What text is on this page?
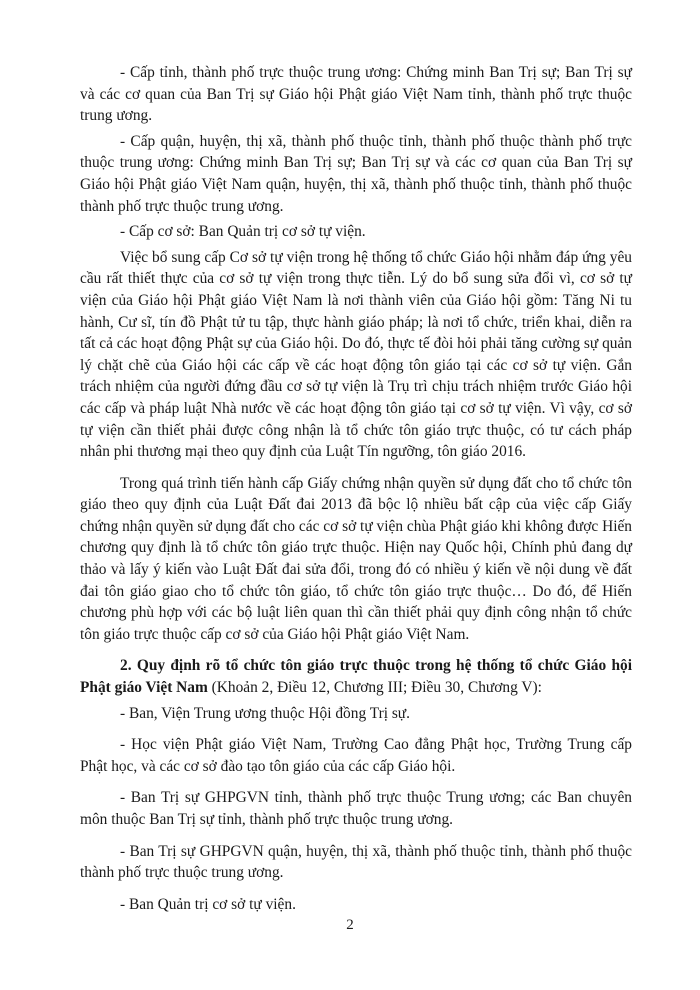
- Cấp tỉnh, thành phố trực thuộc trung ương: Chứng minh Ban Trị sự; Ban Trị sự và các cơ quan của Ban Trị sự Giáo hội Phật giáo Việt Nam tỉnh, thành phố trực thuộc trung ương.

- Cấp quận, huyện, thị xã, thành phố thuộc tỉnh, thành phố thuộc thành phố trực thuộc trung ương: Chứng minh Ban Trị sự; Ban Trị sự và các cơ quan của Ban Trị sự Giáo hội Phật giáo Việt Nam quận, huyện, thị xã, thành phố thuộc tỉnh, thành phố thuộc thành phố trực thuộc trung ương.

- Cấp cơ sở: Ban Quản trị cơ sở tự viện.

Việc bổ sung cấp Cơ sở tự viện trong hệ thống tổ chức Giáo hội nhằm đáp ứng yêu cầu rất thiết thực của cơ sở tự viện trong thực tiễn. Lý do bổ sung sửa đổi vì, cơ sở tự viện của Giáo hội Phật giáo Việt Nam là nơi thành viên của Giáo hội gồm: Tăng Ni tu hành, Cư sĩ, tín đồ Phật tử tu tập, thực hành giáo pháp; là nơi tổ chức, triển khai, diễn ra tất cả các hoạt động Phật sự của Giáo hội. Do đó, thực tế đòi hỏi phải tăng cường sự quản lý chặt chẽ của Giáo hội các cấp về các hoạt động tôn giáo tại các cơ sở tự viện. Gắn trách nhiệm của người đứng đầu cơ sở tự viện là Trụ trì chịu trách nhiệm trước Giáo hội các cấp và pháp luật Nhà nước về các hoạt động tôn giáo tại cơ sở tự viện. Vì vậy, cơ sở tự viện cần thiết phải được công nhận là tổ chức tôn giáo trực thuộc, có tư cách pháp nhân phi thương mại theo quy định của Luật Tín ngưỡng, tôn giáo 2016.

Trong quá trình tiến hành cấp Giấy chứng nhận quyền sử dụng đất cho tổ chức tôn giáo theo quy định của Luật Đất đai 2013 đã bộc lộ nhiều bất cập của việc cấp Giấy chứng nhận quyền sử dụng đất cho các cơ sở tự viện chùa Phật giáo khi không được Hiến chương quy định là tổ chức tôn giáo trực thuộc. Hiện nay Quốc hội, Chính phủ đang dự thảo và lấy ý kiến vào Luật Đất đai sửa đổi, trong đó có nhiều ý kiến về nội dung về đất đai tôn giáo giao cho tổ chức tôn giáo, tổ chức tôn giáo trực thuộc… Do đó, để Hiến chương phù hợp với các bộ luật liên quan thì cần thiết phải quy định công nhận tổ chức tôn giáo trực thuộc cấp cơ sở của Giáo hội Phật giáo Việt Nam.

2. Quy định rõ tổ chức tôn giáo trực thuộc trong hệ thống tổ chức Giáo hội Phật giáo Việt Nam (Khoản 2, Điều 12, Chương III; Điều 30, Chương V):

- Ban, Viện Trung ương thuộc Hội đồng Trị sự.

- Học viện Phật giáo Việt Nam, Trường Cao đẳng Phật học, Trường Trung cấp Phật học, và các cơ sở đào tạo tôn giáo của các cấp Giáo hội.

- Ban Trị sự GHPGVN tỉnh, thành phố trực thuộc Trung ương; các Ban chuyên môn thuộc Ban Trị sự tỉnh, thành phố trực thuộc trung ương.

- Ban Trị sự GHPGVN quận, huyện, thị xã, thành phố thuộc tỉnh, thành phố thuộc thành phố trực thuộc trung ương.

- Ban Quản trị cơ sở tự viện.

2
